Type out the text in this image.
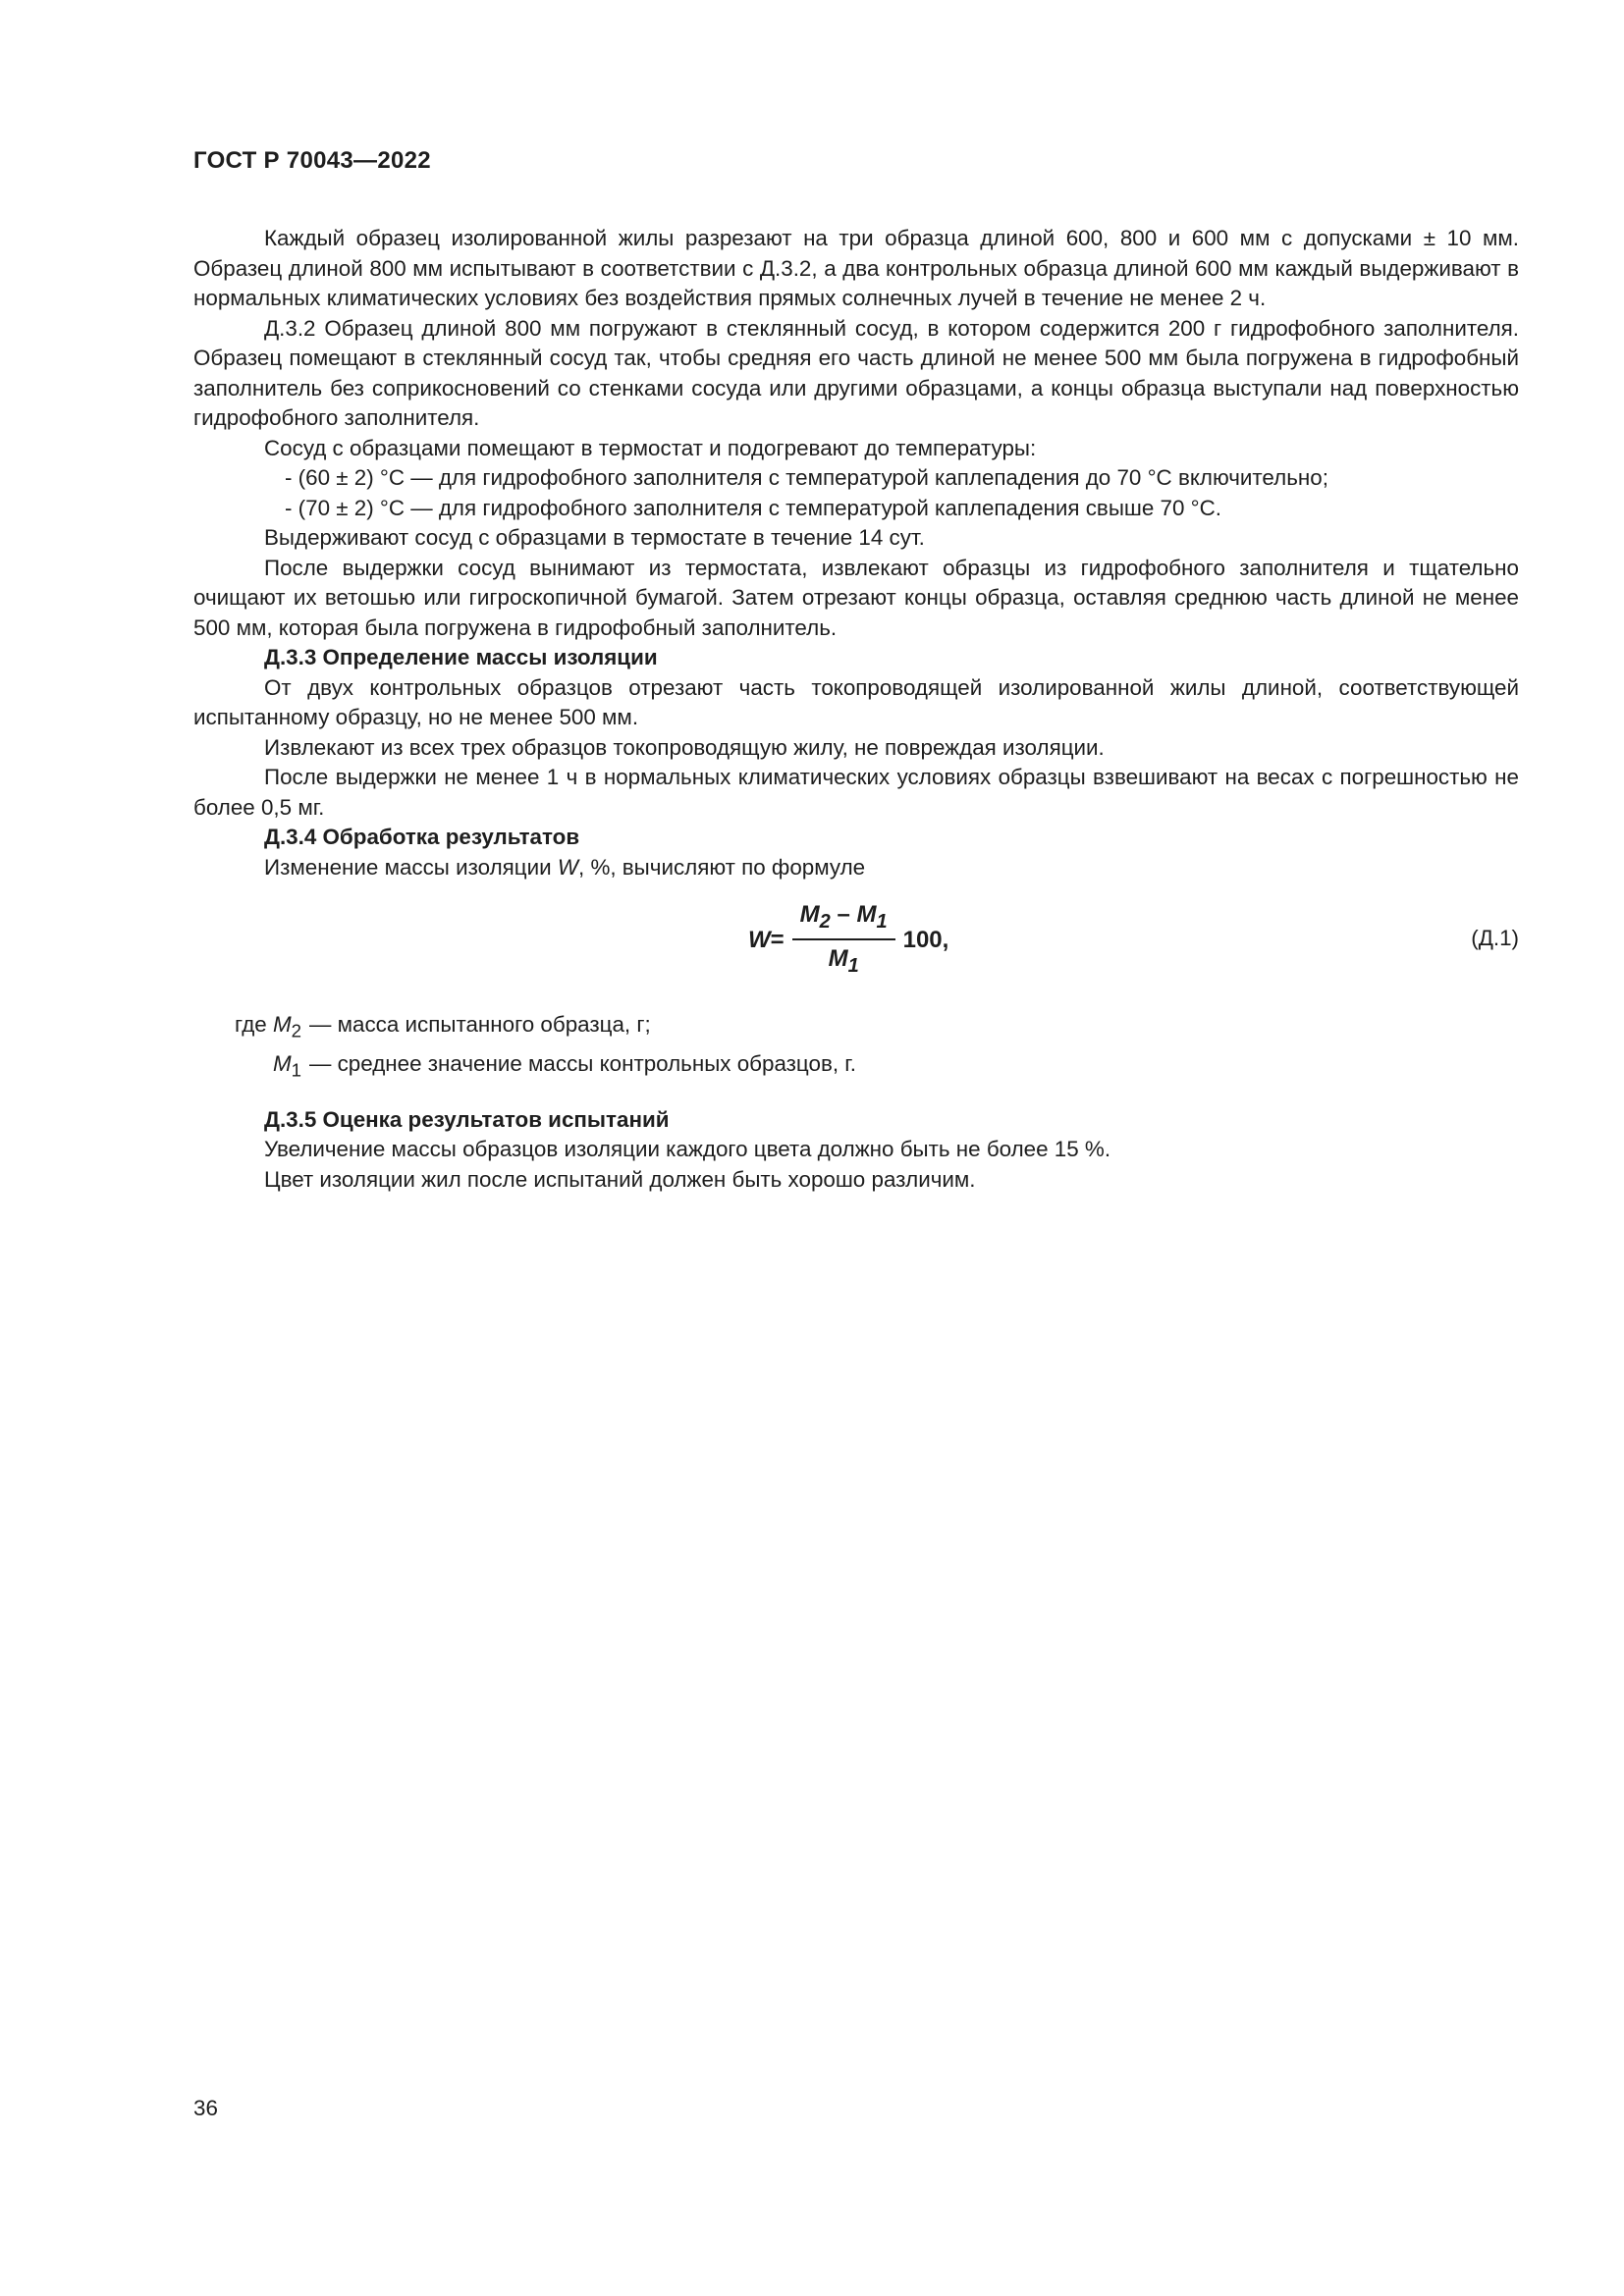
ГОСТ Р 70043—2022

Каждый образец изолированной жилы разрезают на три образца длиной 600, 800 и 600 мм с допусками ± 10 мм. Образец длиной 800 мм испытывают в соответствии с Д.3.2, а два контрольных образца длиной 600 мм каждый выдерживают в нормальных климатических условиях без воздействия прямых солнечных лучей в течение не менее 2 ч.

Д.3.2 Образец длиной 800 мм погружают в стеклянный сосуд, в котором содержится 200 г гидрофобного заполнителя. Образец помещают в стеклянный сосуд так, чтобы средняя его часть длиной не менее 500 мм была погружена в гидрофобный заполнитель без соприкосновений со стенками сосуда или другими образцами, а концы образца выступали над поверхностью гидрофобного заполнителя.

Сосуд с образцами помещают в термостат и подогревают до температуры:

- (60 ± 2) °С — для гидрофобного заполнителя с температурой каплепадения до 70 °С включительно;

- (70 ± 2) °С — для гидрофобного заполнителя с температурой каплепадения свыше 70 °С.

Выдерживают сосуд с образцами в термостате в течение 14 сут.

После выдержки сосуд вынимают из термостата, извлекают образцы из гидрофобного заполнителя и тщательно очищают их ветошью или гигроскопичной бумагой. Затем отрезают концы образца, оставляя среднюю часть длиной не менее 500 мм, которая была погружена в гидрофобный заполнитель.

Д.3.3 Определение массы изоляции

От двух контрольных образцов отрезают часть токопроводящей изолированной жилы длиной, соответствующей испытанному образцу, но не менее 500 мм.

Извлекают из всех трех образцов токопроводящую жилу, не повреждая изоляции.

После выдержки не менее 1 ч в нормальных климатических условиях образцы взвешивают на весах с погрешностью не более 0,5 мг.

Д.3.4 Обработка результатов

Изменение массы изоляции W, %, вычисляют по формуле

$W = \frac{M_2 - M_1}{M_1} 100$,	(Д.1)
где $M_2$ — масса испытанного образца, г;
$M_1$ — среднее значение массы контрольных образцов, г.

Д.3.5 Оценка результатов испытаний

Увеличение массы образцов изоляции каждого цвета должно быть не более 15 %.

Цвет изоляции жил после испытаний должен быть хорошо различим.

36
